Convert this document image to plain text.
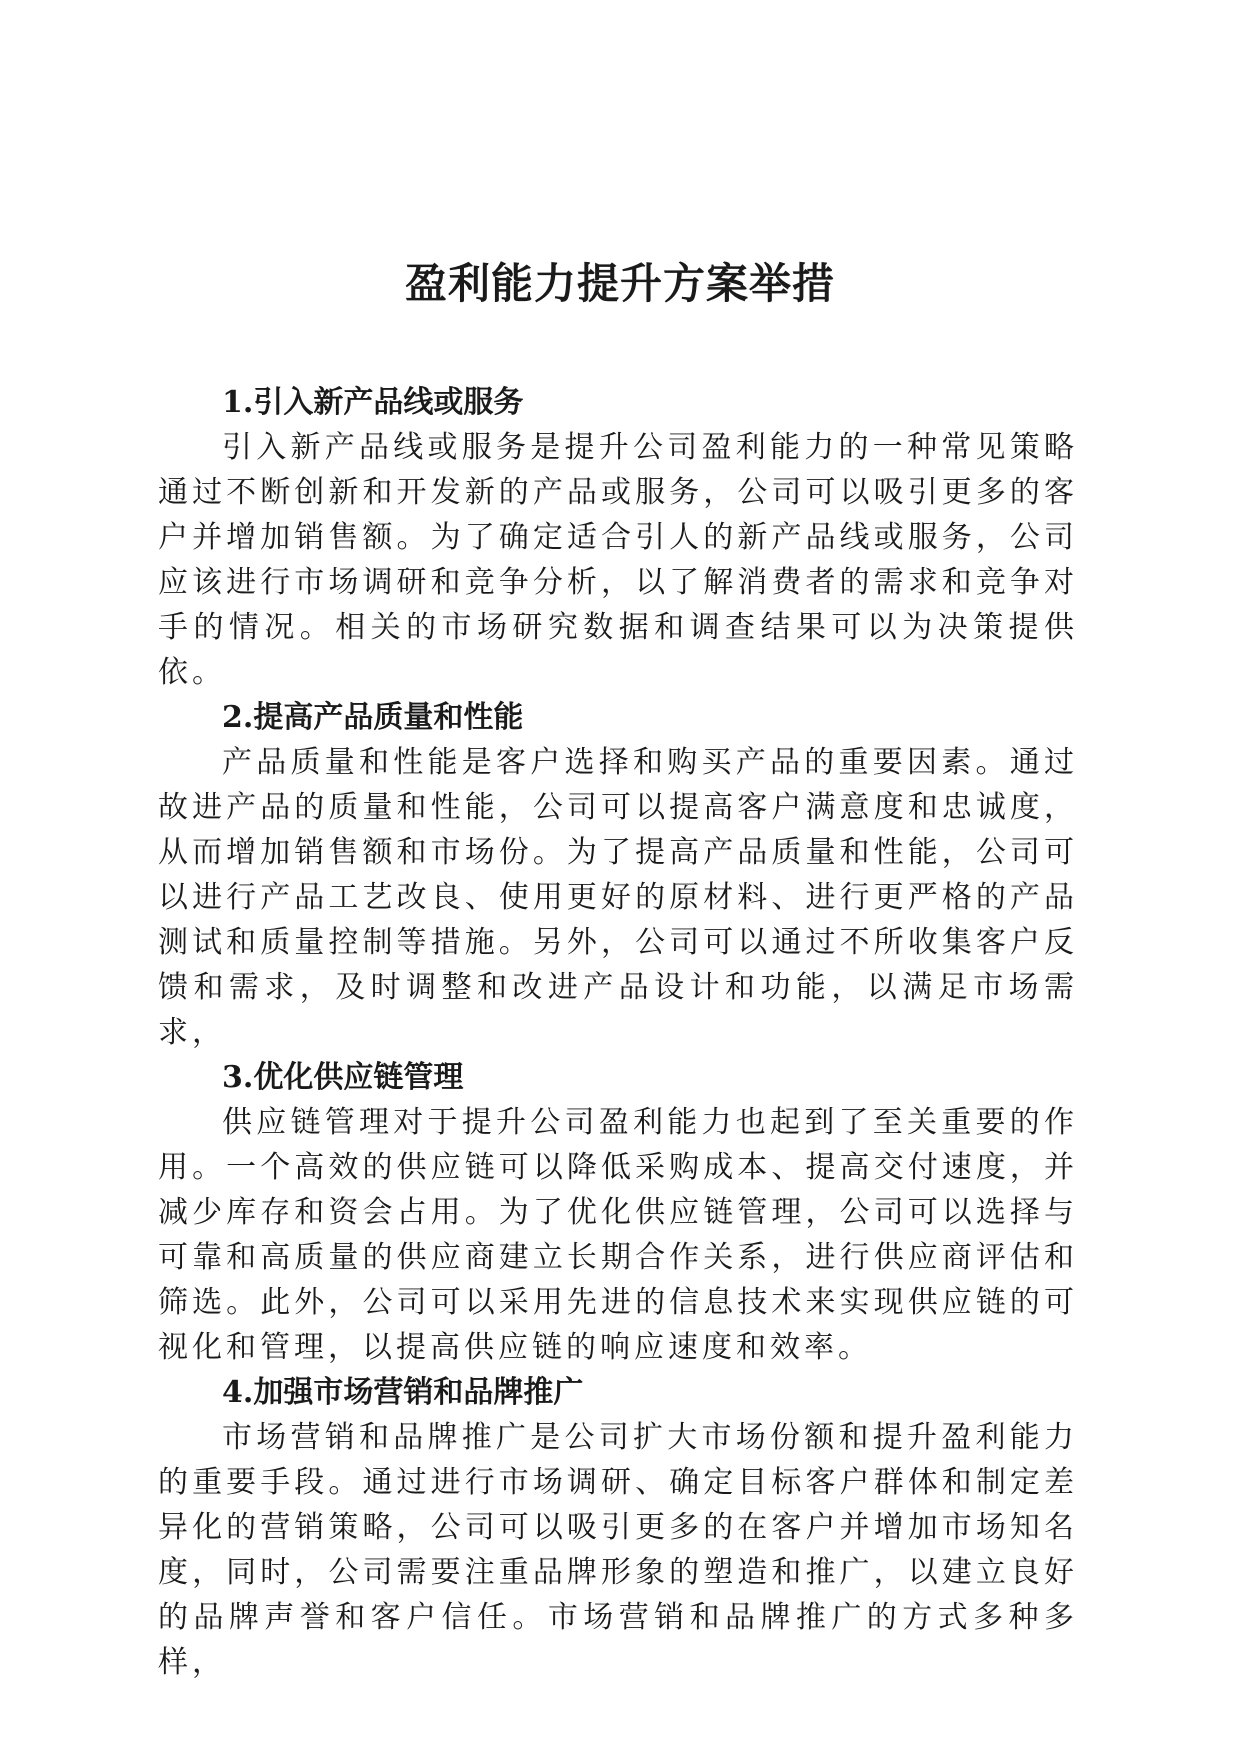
盈利能力提升方案举措
1.引入新产品线或服务

引入新产品线或服务是提升公司盈利能力的一种常见策略通过不断创新和开发新的产品或服务，公司可以吸引更多的客户并增加销售额。为了确定适合引人的新产品线或服务，公司应该进行市场调研和竞争分析，以了解消费者的需求和竞争对手的情况。相关的市场研究数据和调查结果可以为决策提供依。

2.提高产品质量和性能

产品质量和性能是客户选择和购买产品的重要因素。通过故进产品的质量和性能，公司可以提高客户满意度和忠诚度，从而增加销售额和市场份。为了提高产品质量和性能，公司可以进行产品工艺改良、使用更好的原材料、进行更严格的产品测试和质量控制等措施。另外，公司可以通过不所收集客户反馈和需求，及时调整和改进产品设计和功能，以满足市场需求，

3.优化供应链管理

供应链管理对于提升公司盈利能力也起到了至关重要的作用。一个高效的供应链可以降低采购成本、提高交付速度，并减少库存和资会占用。为了优化供应链管理，公司可以选择与可靠和高质量的供应商建立长期合作关系，进行供应商评估和筛选。此外，公司可以采用先进的信息技术来实现供应链的可视化和管理，以提高供应链的响应速度和效率。

4.加强市场营销和品牌推广

市场营销和品牌推广是公司扩大市场份额和提升盈利能力的重要手段。通过进行市场调研、确定目标客户群体和制定差异化的营销策略，公司可以吸引更多的在客户并增加市场知名度，同时，公司需要注重品牌形象的塑造和推广，以建立良好的品牌声誉和客户信任。市场营销和品牌推广的方式多种多样，
